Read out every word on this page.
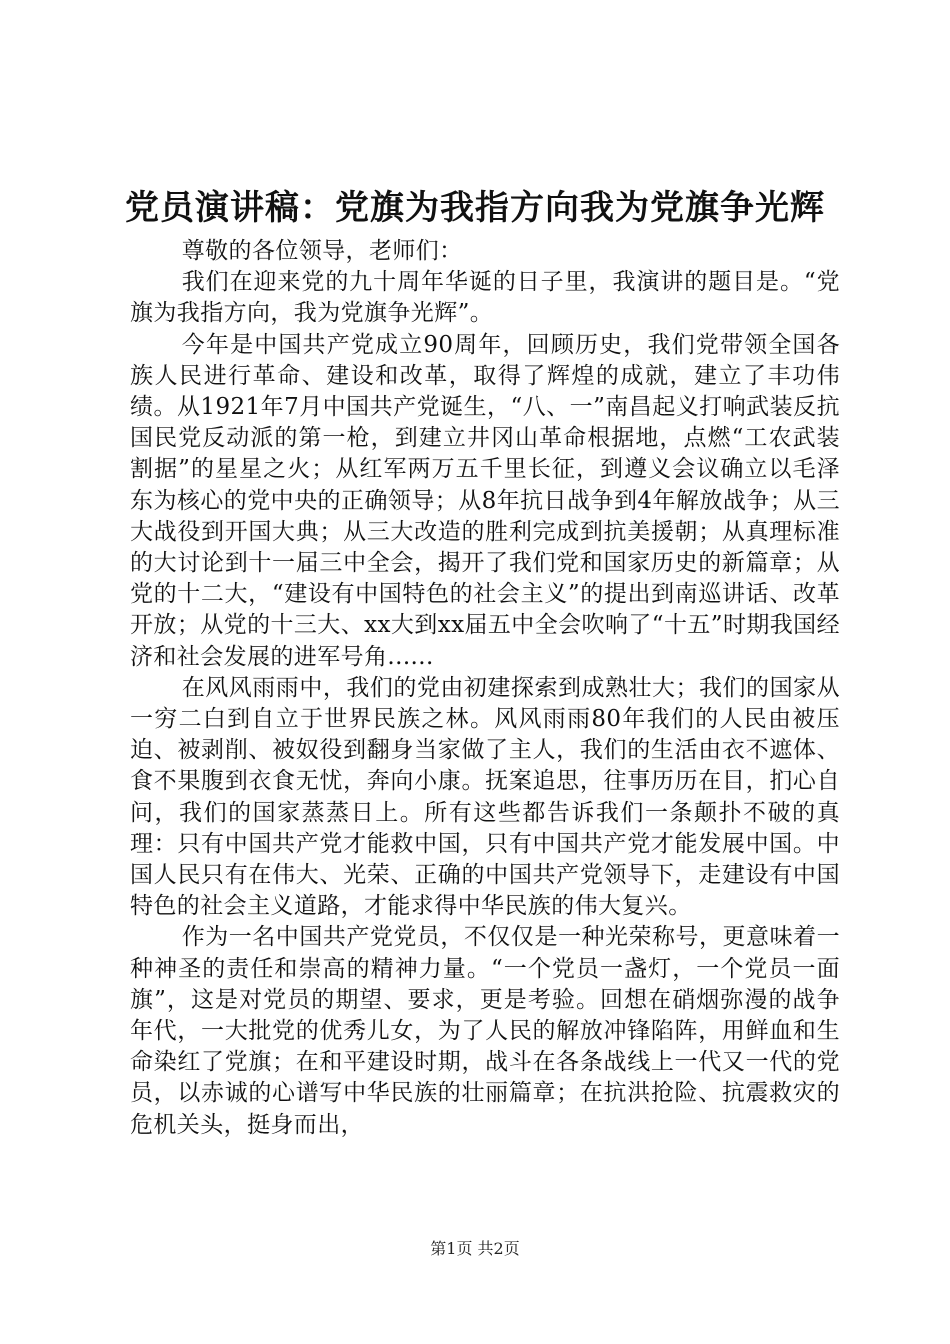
党员演讲稿：党旗为我指方向我为党旗争光辉

尊敬的各位领导，老师们：

我们在迎来党的九十周年华诞的日子里，我演讲的题目是。“党旗为我指方向，我为党旗争光辉”。

今年是中国共产党成立90周年，回顾历史，我们党带领全国各族人民进行革命、建设和改革，取得了辉煌的成就，建立了丰功伟绩。从1921年7月中国共产党诞生，“八、一”南昌起义打响武装反抗国民党反动派的第一枪，到建立井冈山革命根据地，点燃“工农武装割据”的星星之火；从红军两万五千里长征，到遵义会议确立以毛泽东为核心的党中央的正确领导；从8年抗日战争到4年解放战争；从三大战役到开国大典；从三大改造的胜利完成到抗美援朝；从真理标准的大讨论到十一届三中全会，揭开了我们党和国家历史的新篇章；从党的十二大，“建设有中国特色的社会主义”的提出到南巡讲话、改革开放；从党的十三大、xx大到xx届五中全会吹响了“十五”时期我国经济和社会发展的进军号角......

在风风雨雨中，我们的党由初建探索到成熟壮大；我们的国家从一穷二白到自立于世界民族之林。风风雨雨80年我们的人民由被压迫、被剥削、被奴役到翻身当家做了主人，我们的生活由衣不遮体、食不果腹到衣食无忧，奔向小康。抚案追思，往事历历在目，扪心自问，我们的国家蒸蒸日上。所有这些都告诉我们一条颠扑不破的真理：只有中国共产党才能救中国，只有中国共产党才能发展中国。中国人民只有在伟大、光荣、正确的中国共产党领导下，走建设有中国特色的社会主义道路，才能求得中华民族的伟大复兴。

作为一名中国共产党党员，不仅仅是一种光荣称号，更意味着一种神圣的责任和崇高的精神力量。“一个党员一盏灯，一个党员一面旗”，这是对党员的期望、要求，更是考验。回想在硝烟弥漫的战争年代，一大批党的优秀儿女，为了人民的解放冲锋陷阵，用鲜血和生命染红了党旗；在和平建设时期，战斗在各条战线上一代又一代的党员，以赤诚的心谱写中华民族的壮丽篇章；在抗洪抢险、抗震救灾的危机关头，挺身而出，

第1页 共2页
